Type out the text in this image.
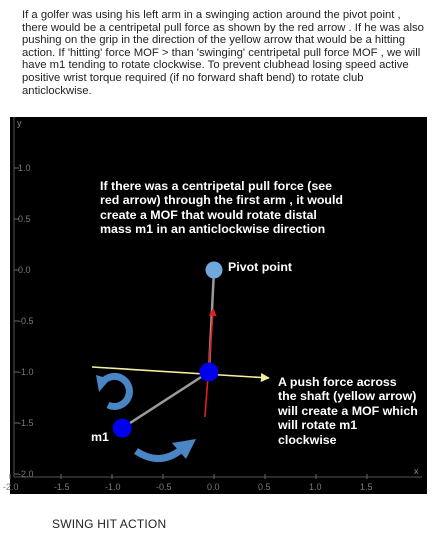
If a golfer was using his left arm in a swinging action around the pivot point , there would be a centripetal pull force as shown by the red arrow . If he was also pushing on the grip in the direction of the yellow arrow that would be a hitting action. If 'hitting' force MOF > than 'swinging' centripetal pull force MOF , we will have m1 tending to rotate clockwise. To prevent clubhead losing speed active positive wrist torque required (if no forward shaft bend) to rotate club anticlockwise.
1.0
0.5
0.0
-0.5
-1.0
-1.5
-2.0
-2.0	-1.5	-1.0	-0.5	0.0	0.5	1.0	1.5
x
y
If there was a centripetal pull force (see red arrow) through the first arm , it would create a MOF that would rotate distal mass m1 in an anticlockwise direction
A push force across the shaft (yellow arrow) will create a MOF which will rotate m1 clockwise
Pivot point
m1
SWING HIT ACTION
